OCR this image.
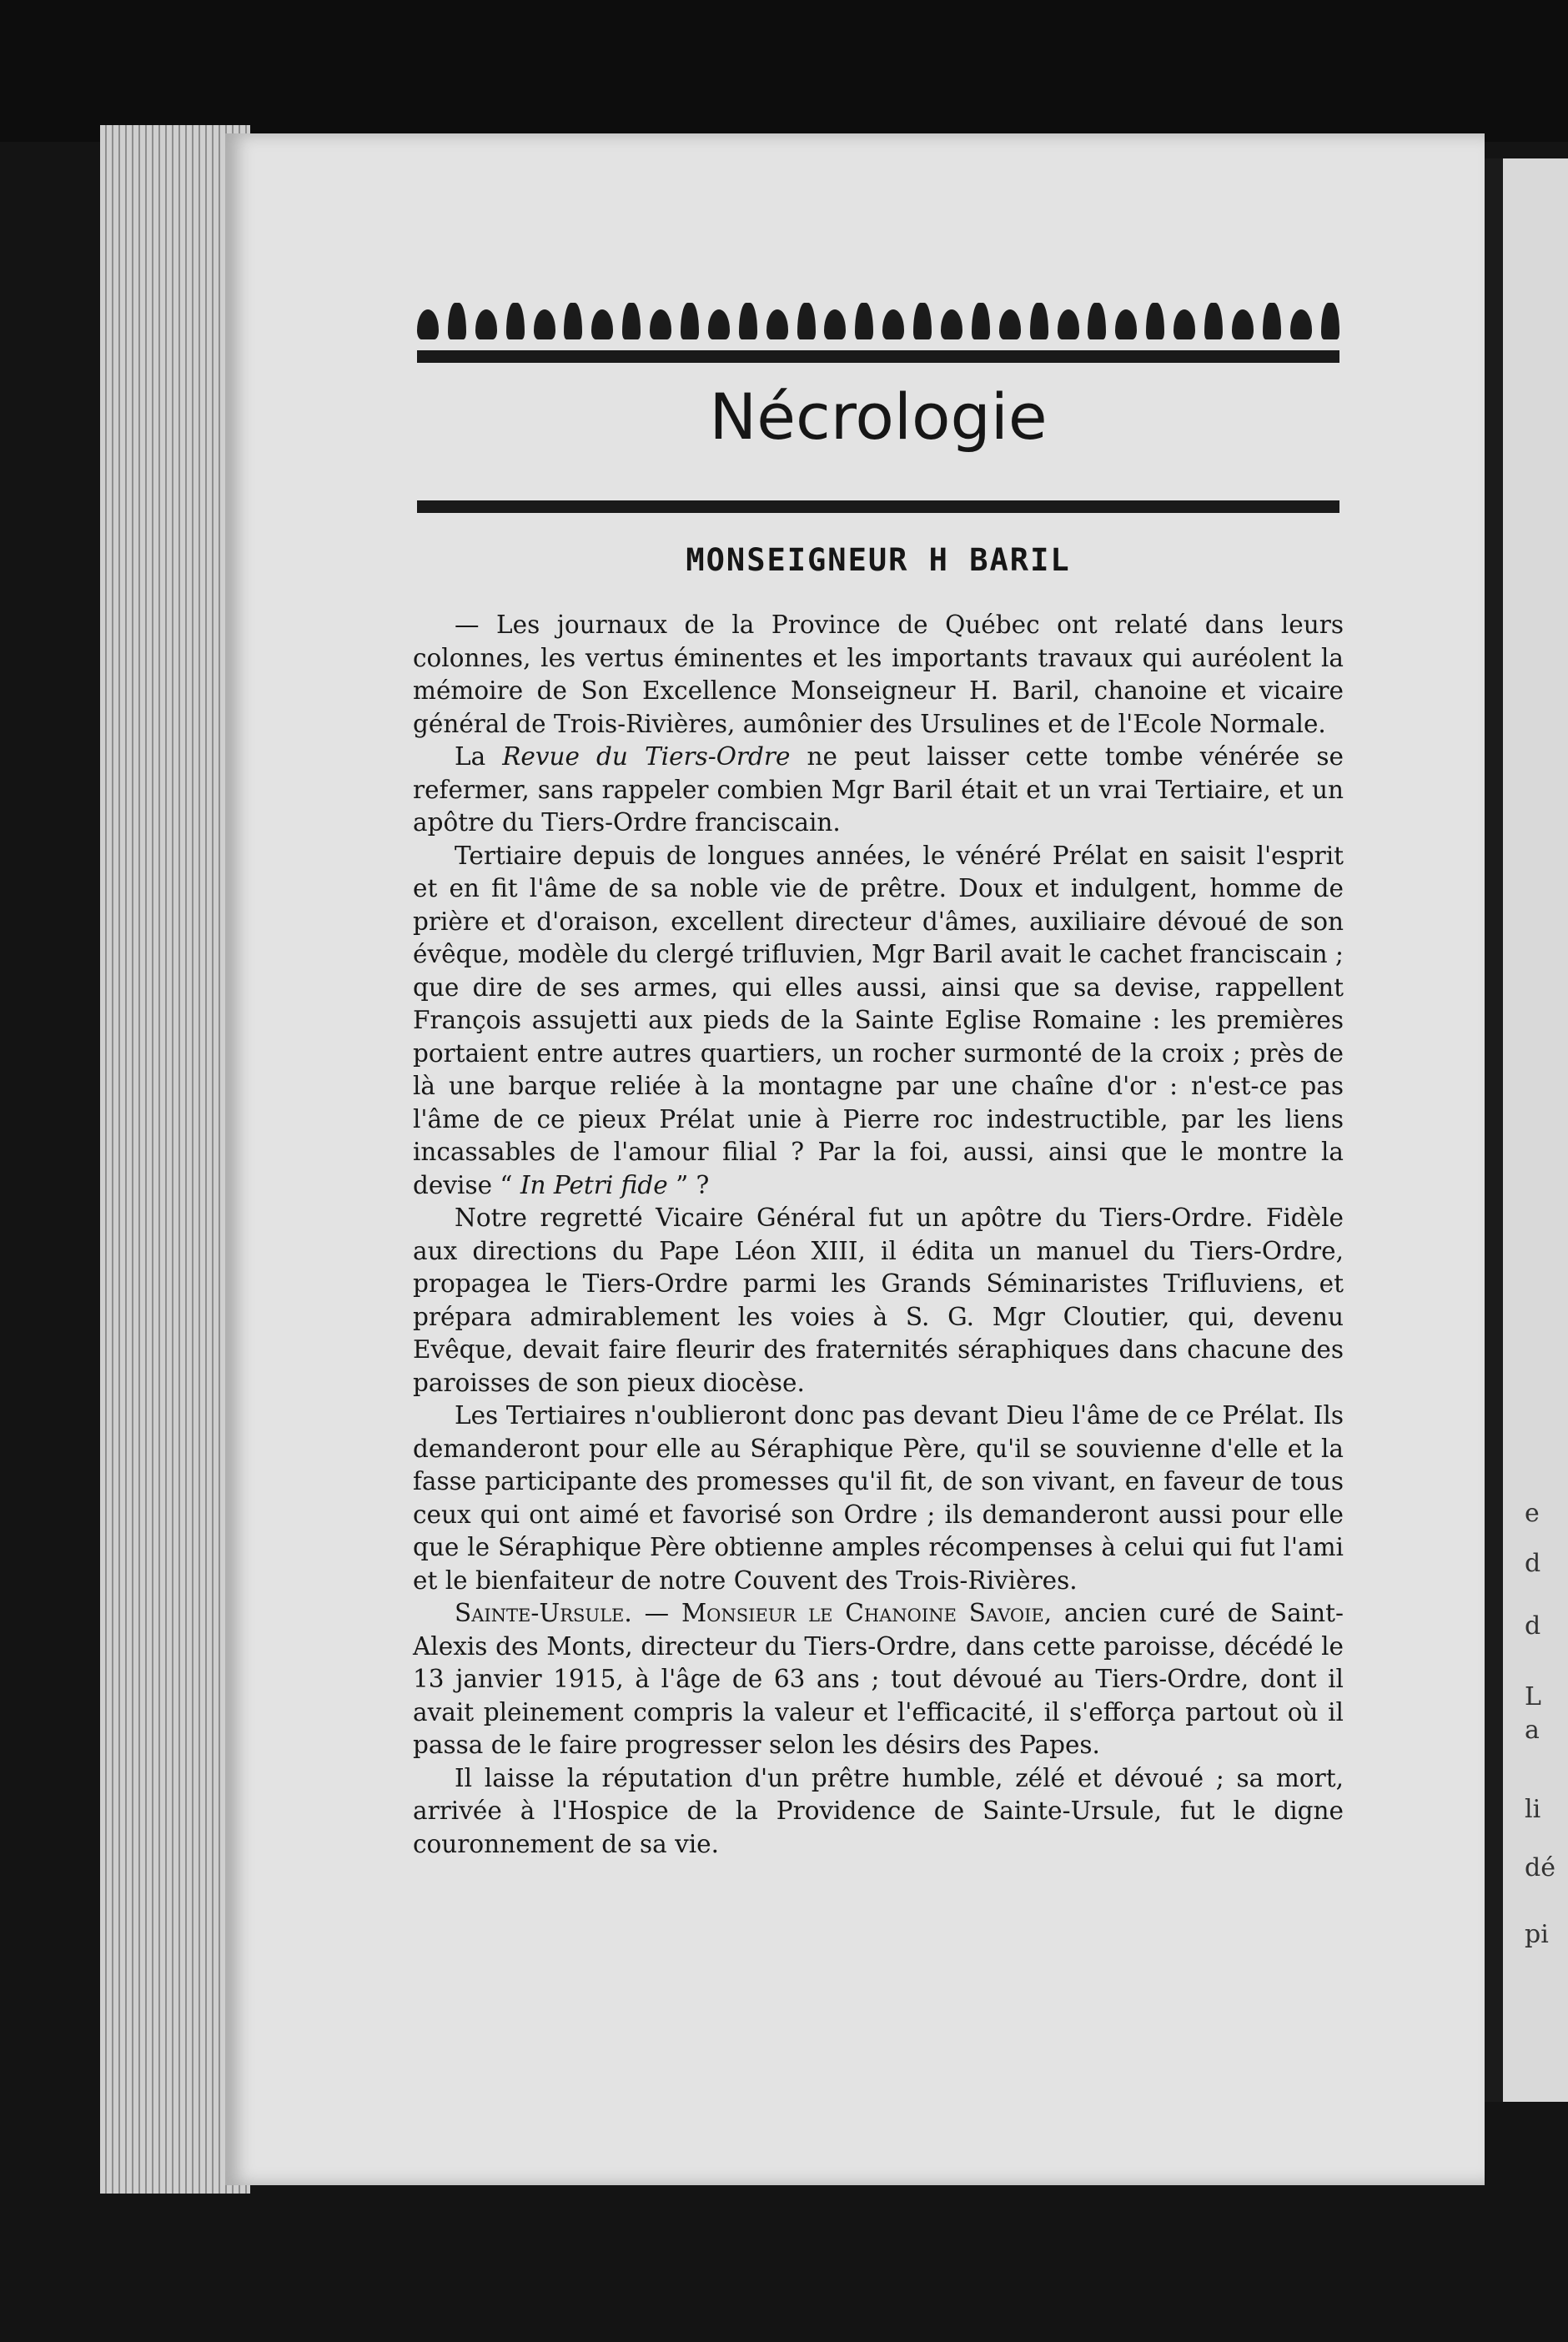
e
d
d
L
a
li
dé
pi
Nécrologie
MONSEIGNEUR H BARIL

— Les journaux de la Province de Québec ont relaté dans leurs colonnes, les vertus éminentes et les importants travaux qui auréolent la mémoire de Son Excellence Monseigneur H. Baril, chanoine et vicaire général de Trois-Rivières, aumônier des Ursulines et de l'Ecole Normale.

La Revue du Tiers-Ordre ne peut laisser cette tombe vénérée se refermer, sans rappeler combien Mgr Baril était et un vrai Tertiaire, et un apôtre du Tiers-Ordre franciscain.

Tertiaire depuis de longues années, le vénéré Prélat en saisit l'esprit et en fit l'âme de sa noble vie de prêtre. Doux et indulgent, homme de prière et d'oraison, excellent directeur d'âmes, auxiliaire dévoué de son évêque, modèle du clergé trifluvien, Mgr Baril avait le cachet franciscain ; que dire de ses armes, qui elles aussi, ainsi que sa devise, rappellent François assujetti aux pieds de la Sainte Eglise Romaine : les premières portaient entre autres quartiers, un rocher surmonté de la croix ; près de là une barque reliée à la montagne par une chaîne d'or : n'est-ce pas l'âme de ce pieux Prélat unie à Pierre roc indestructible, par les liens incassables de l'amour filial ? Par la foi, aussi, ainsi que le montre la devise “ In Petri fide ” ?

Notre regretté Vicaire Général fut un apôtre du Tiers-Ordre. Fidèle aux directions du Pape Léon XIII, il édita un manuel du Tiers-Ordre, propagea le Tiers-Ordre parmi les Grands Séminaristes Trifluviens, et prépara admirablement les voies à S. G. Mgr Cloutier, qui, devenu Evêque, devait faire fleurir des fraternités séraphiques dans chacune des paroisses de son pieux diocèse.

Les Tertiaires n'oublieront donc pas devant Dieu l'âme de ce Prélat. Ils demanderont pour elle au Séraphique Père, qu'il se souvienne d'elle et la fasse participante des promesses qu'il fit, de son vivant, en faveur de tous ceux qui ont aimé et favorisé son Ordre ; ils demanderont aussi pour elle que le Séraphique Père obtienne amples récompenses à celui qui fut l'ami et le bienfaiteur de notre Couvent des Trois-Rivières.

Sainte-Ursule. — Monsieur le Chanoine Savoie, ancien curé de Saint-Alexis des Monts, directeur du Tiers-Ordre, dans cette paroisse, décédé le 13 janvier 1915, à l'âge de 63 ans ; tout dévoué au Tiers-Ordre, dont il avait pleinement compris la valeur et l'efficacité, il s'efforça partout où il passa de le faire progresser selon les désirs des Papes.

Il laisse la réputation d'un prêtre humble, zélé et dévoué ; sa mort, arrivée à l'Hospice de la Providence de Sainte-Ursule, fut le digne couronnement de sa vie.
